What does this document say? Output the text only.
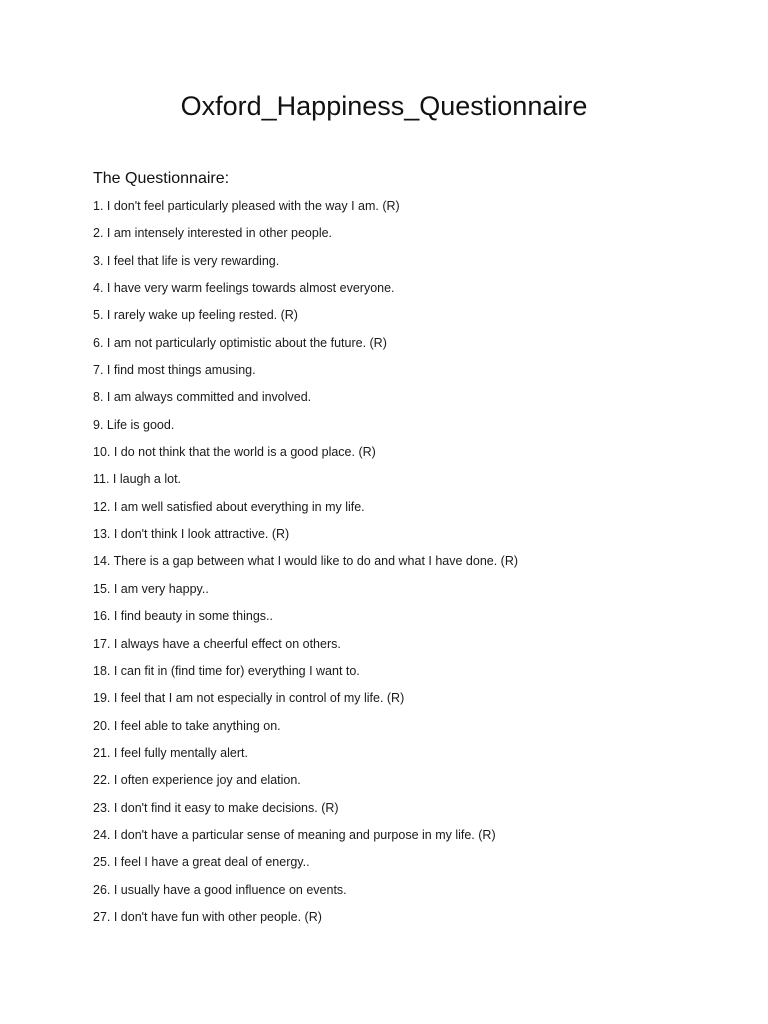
Oxford_Happiness_Questionnaire
The Questionnaire:
1. I don't feel particularly pleased with the way I am. (R)
2. I am intensely interested in other people.
3. I feel that life is very rewarding.
4. I have very warm feelings towards almost everyone.
5. I rarely wake up feeling rested. (R)
6. I am not particularly optimistic about the future. (R)
7. I find most things amusing.
8. I am always committed and involved.
9. Life is good.
10. I do not think that the world is a good place. (R)
11. I laugh a lot.
12. I am well satisfied about everything in my life.
13. I don't think I look attractive. (R)
14. There is a gap between what I would like to do and what I have done. (R)
15. I am very happy..
16. I find beauty in some things..
17. I always have a cheerful effect on others.
18. I can fit in (find time for) everything I want to.
19. I feel that I am not especially in control of my life. (R)
20. I feel able to take anything on.
21. I feel fully mentally alert.
22. I often experience joy and elation.
23. I don't find it easy to make decisions. (R)
24. I don't have a particular sense of meaning and purpose in my life. (R)
25. I feel I have a great deal of energy..
26. I usually have a good influence on events.
27. I don't have fun with other people. (R)
